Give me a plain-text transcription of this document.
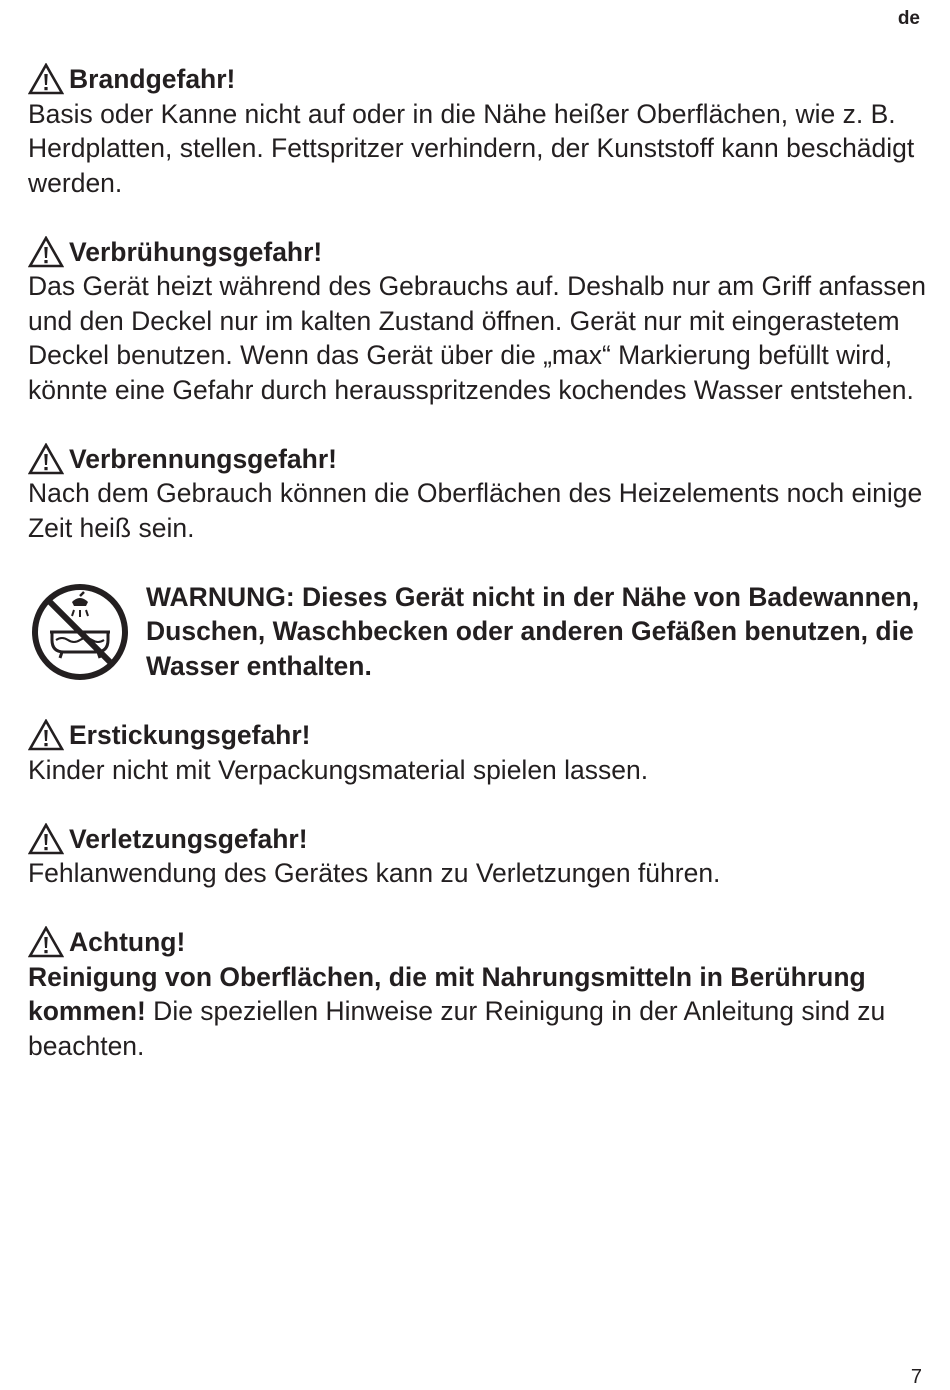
de
Brandgefahr!

Basis oder Kanne nicht auf oder in die Nähe heißer Oberflächen, wie z. B. Herdplatten, stellen. Fettspritzer verhindern, der Kunststoff kann beschädigt werden.

Verbrühungsgefahr!

Das Gerät heizt während des Gebrauchs auf. Deshalb nur am Griff anfassen und den Deckel nur im kalten Zustand öffnen. Gerät nur mit eingerastetem Deckel benutzen. Wenn das Gerät über die „max“ Markierung befüllt wird, könnte eine Gefahr durch herausspritzendes kochendes Wasser entstehen.

Verbrennungsgefahr!

Nach dem Gebrauch können die Oberflächen des Heizelements noch einige Zeit heiß sein.

WARNUNG: Dieses Gerät nicht in der Nähe von Badewannen, Duschen, Waschbecken oder anderen Gefäßen benutzen, die Wasser enthalten.

Erstickungsgefahr!

Kinder nicht mit Verpackungsmaterial spielen lassen.

Verletzungsgefahr!

Fehlanwendung des Gerätes kann zu Verletzungen führen.

Achtung!

Reinigung von Oberflächen, die mit Nahrungsmitteln in Berührung kommen! Die speziellen Hinweise zur Reinigung in der Anleitung sind zu beachten.

7
